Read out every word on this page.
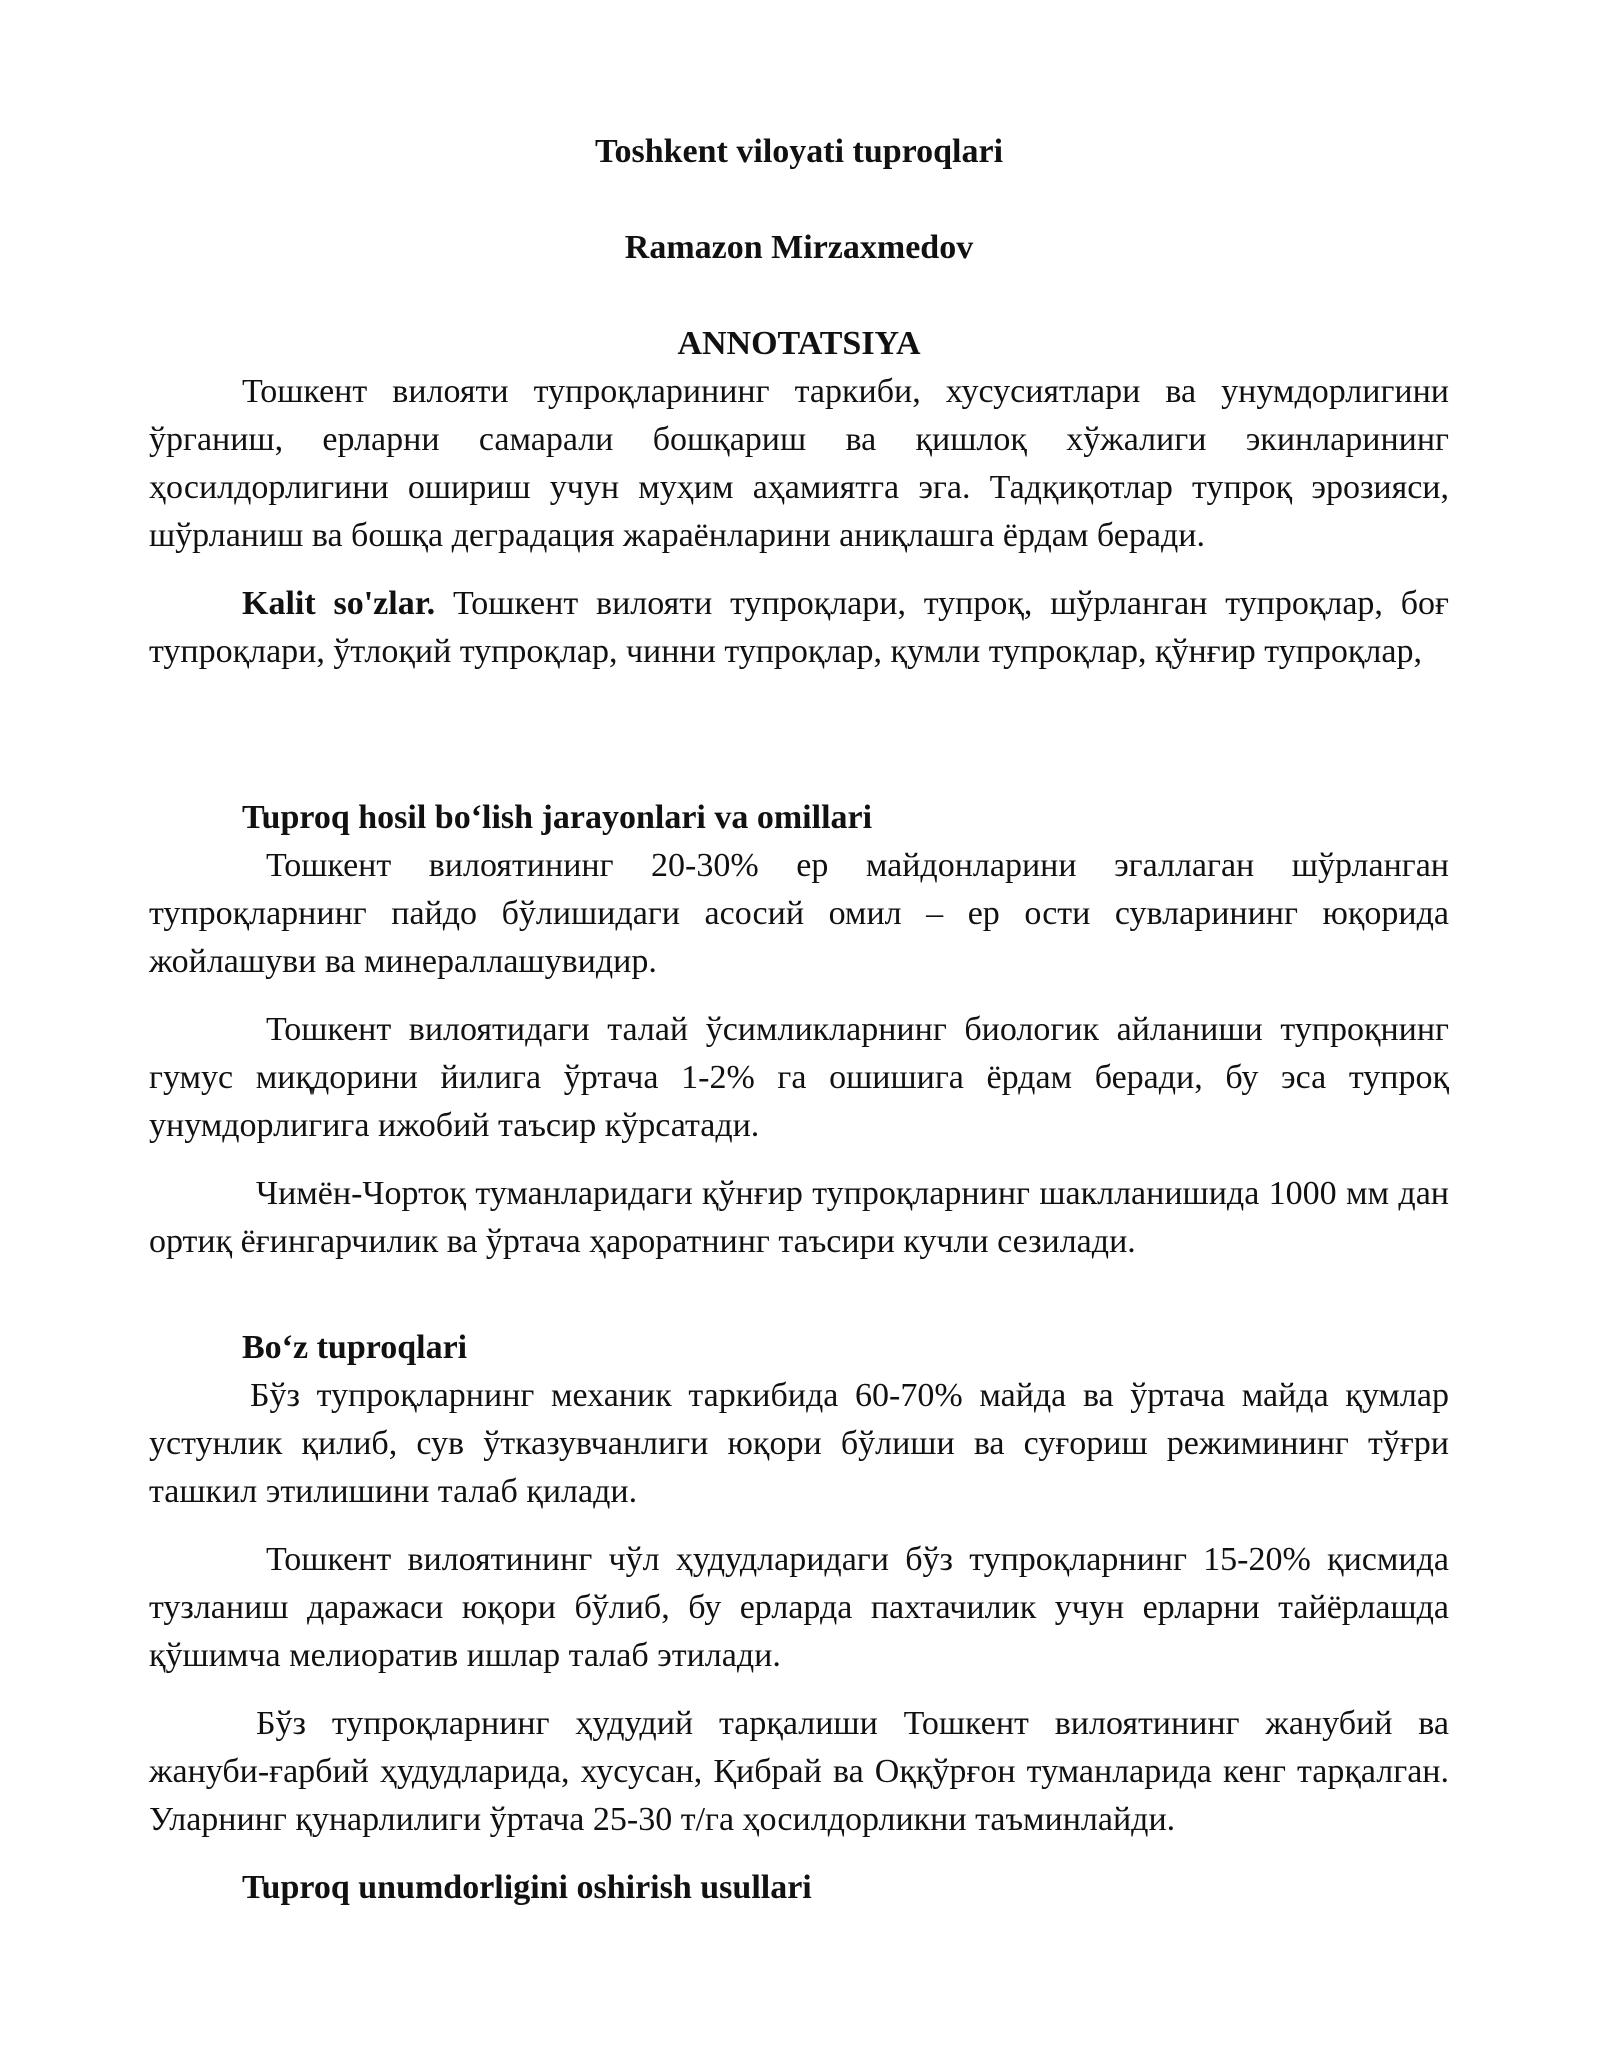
Toshkent viloyati tuproqlari

Ramazon Mirzaxmedov

ANNOTATSIYA

Тошкент вилояти тупроқларининг таркиби, хусусиятлари ва унумдорлигини ўрганиш, ерларни самарали бошқариш ва қишлоқ хўжалиги экинларининг ҳосилдорлигини ошириш учун муҳим аҳамиятга эга. Тадқиқотлар тупроқ эрозияси, шўрланиш ва бошқа деградация жараёнларини аниқлашга ёрдам беради.

Kalit so'zlar. Тошкент вилояти тупроқлари, тупроқ, шўрланган тупроқлар, боғ тупроқлари, ўтлоқий тупроқлар, чинни тупроқлар, қумли тупроқлар, қўнғир тупроқлар,

Tuproq hosil boʻlish jarayonlari va omillari

Тошкент вилоятининг 20-30% ер майдонларини эгаллаган шўрланган тупроқларнинг пайдо бўлишидаги асосий омил – ер ости сувларининг юқорида жойлашуви ва минераллашувидир.

Тошкент вилоятидаги талай ўсимликларнинг биологик айланиши тупроқнинг гумус миқдорини йилига ўртача 1-2% га ошишига ёрдам беради, бу эса тупроқ унумдорлигига ижобий таъсир кўрсатади.

Чимён-Чортоқ туманларидаги қўнғир тупроқларнинг шаклланишида 1000 мм дан ортиқ ёғингарчилик ва ўртача ҳароратнинг таъсири кучли сезилади.

Boʻz tuproqlari

Бўз тупроқларнинг механик таркибида 60-70% майда ва ўртача майда қумлар устунлик қилиб, сув ўтказувчанлиги юқори бўлиши ва суғориш режимининг тўғри ташкил этилишини талаб қилади.

Тошкент вилоятининг чўл ҳудудларидаги бўз тупроқларнинг 15-20% қисмида тузланиш даражаси юқори бўлиб, бу ерларда пахтачилик учун ерларни тайёрлашда қўшимча мелиоратив ишлар талаб этилади.

Бўз тупроқларнинг ҳудудий тарқалиши Тошкент вилоятининг жанубий ва жануби-ғарбий ҳудудларида, хусусан, Қибрай ва Оққўрғон туманларида кенг тарқалган. Уларнинг қунарлилиги ўртача 25-30 т/га ҳосилдорликни таъминлайди.

Tuproq unumdorligini oshirish usullari
